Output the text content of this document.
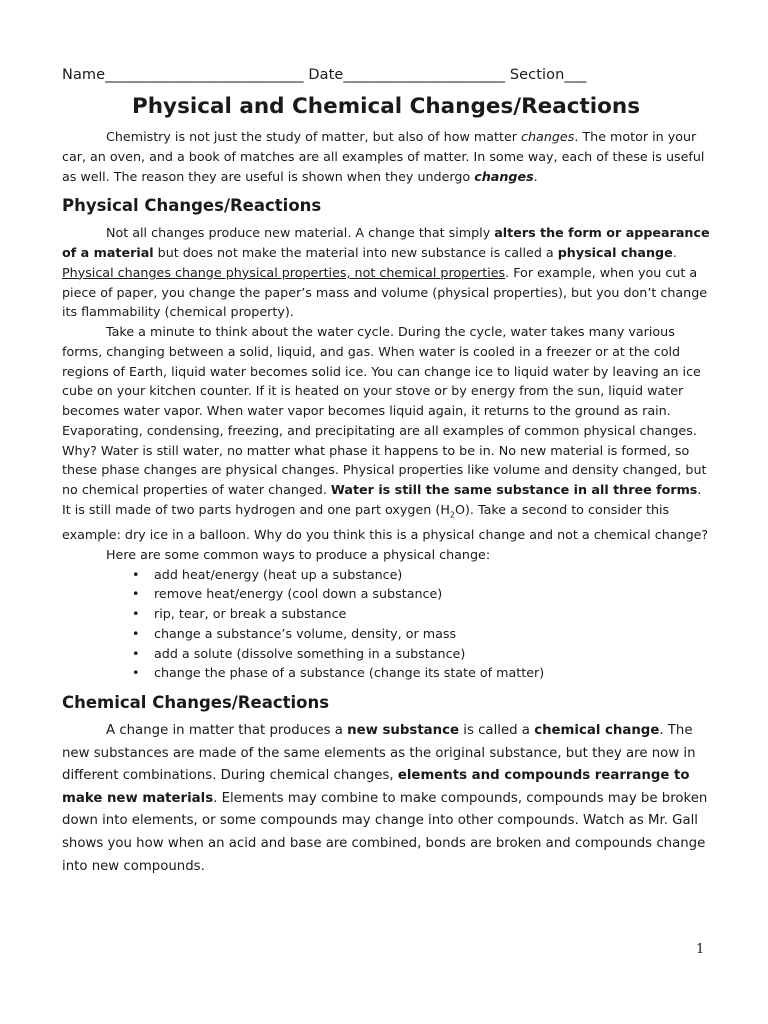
Name___________________________ Date______________________ Section___
Physical and Chemical Changes/Reactions

Chemistry is not just the study of matter, but also of how matter changes. The motor in your car, an oven, and a book of matches are all examples of matter. In some way, each of these is useful as well. The reason they are useful is shown when they undergo changes.

Physical Changes/Reactions

Not all changes produce new material. A change that simply alters the form or appearance of a material but does not make the material into new substance is called a physical change. Physical changes change physical properties, not chemical properties. For example, when you cut a piece of paper, you change the paper’s mass and volume (physical properties), but you don’t change its flammability (chemical property).

Take a minute to think about the water cycle. During the cycle, water takes many various forms, changing between a solid, liquid, and gas. When water is cooled in a freezer or at the cold regions of Earth, liquid water becomes solid ice. You can change ice to liquid water by leaving an ice cube on your kitchen counter. If it is heated on your stove or by energy from the sun, liquid water becomes water vapor. When water vapor becomes liquid again, it returns to the ground as rain. Evaporating, condensing, freezing, and precipitating are all examples of common physical changes. Why? Water is still water, no matter what phase it happens to be in. No new material is formed, so these phase changes are physical changes. Physical properties like volume and density changed, but no chemical properties of water changed. Water is still the same substance in all three forms. It is still made of two parts hydrogen and one part oxygen $(H_2O)$. Take a second to consider this example: dry ice in a balloon. Why do you think this is a physical change and not a chemical change?

Here are some common ways to produce a physical change:

• add heat/energy (heat up a substance)
• remove heat/energy (cool down a substance)
• rip, tear, or break a substance
• change a substance’s volume, density, or mass
• add a solute (dissolve something in a substance)
• change the phase of a substance (change its state of matter)
Chemical Changes/Reactions

A change in matter that produces a new substance is called a chemical change. The new substances are made of the same elements as the original substance, but they are now in different combinations. During chemical changes, elements and compounds rearrange to make new materials. Elements may combine to make compounds, compounds may be broken down into elements, or some compounds may change into other compounds. Watch as Mr. Gall shows you how when an acid and base are combined, bonds are broken and compounds change into new compounds.

1
